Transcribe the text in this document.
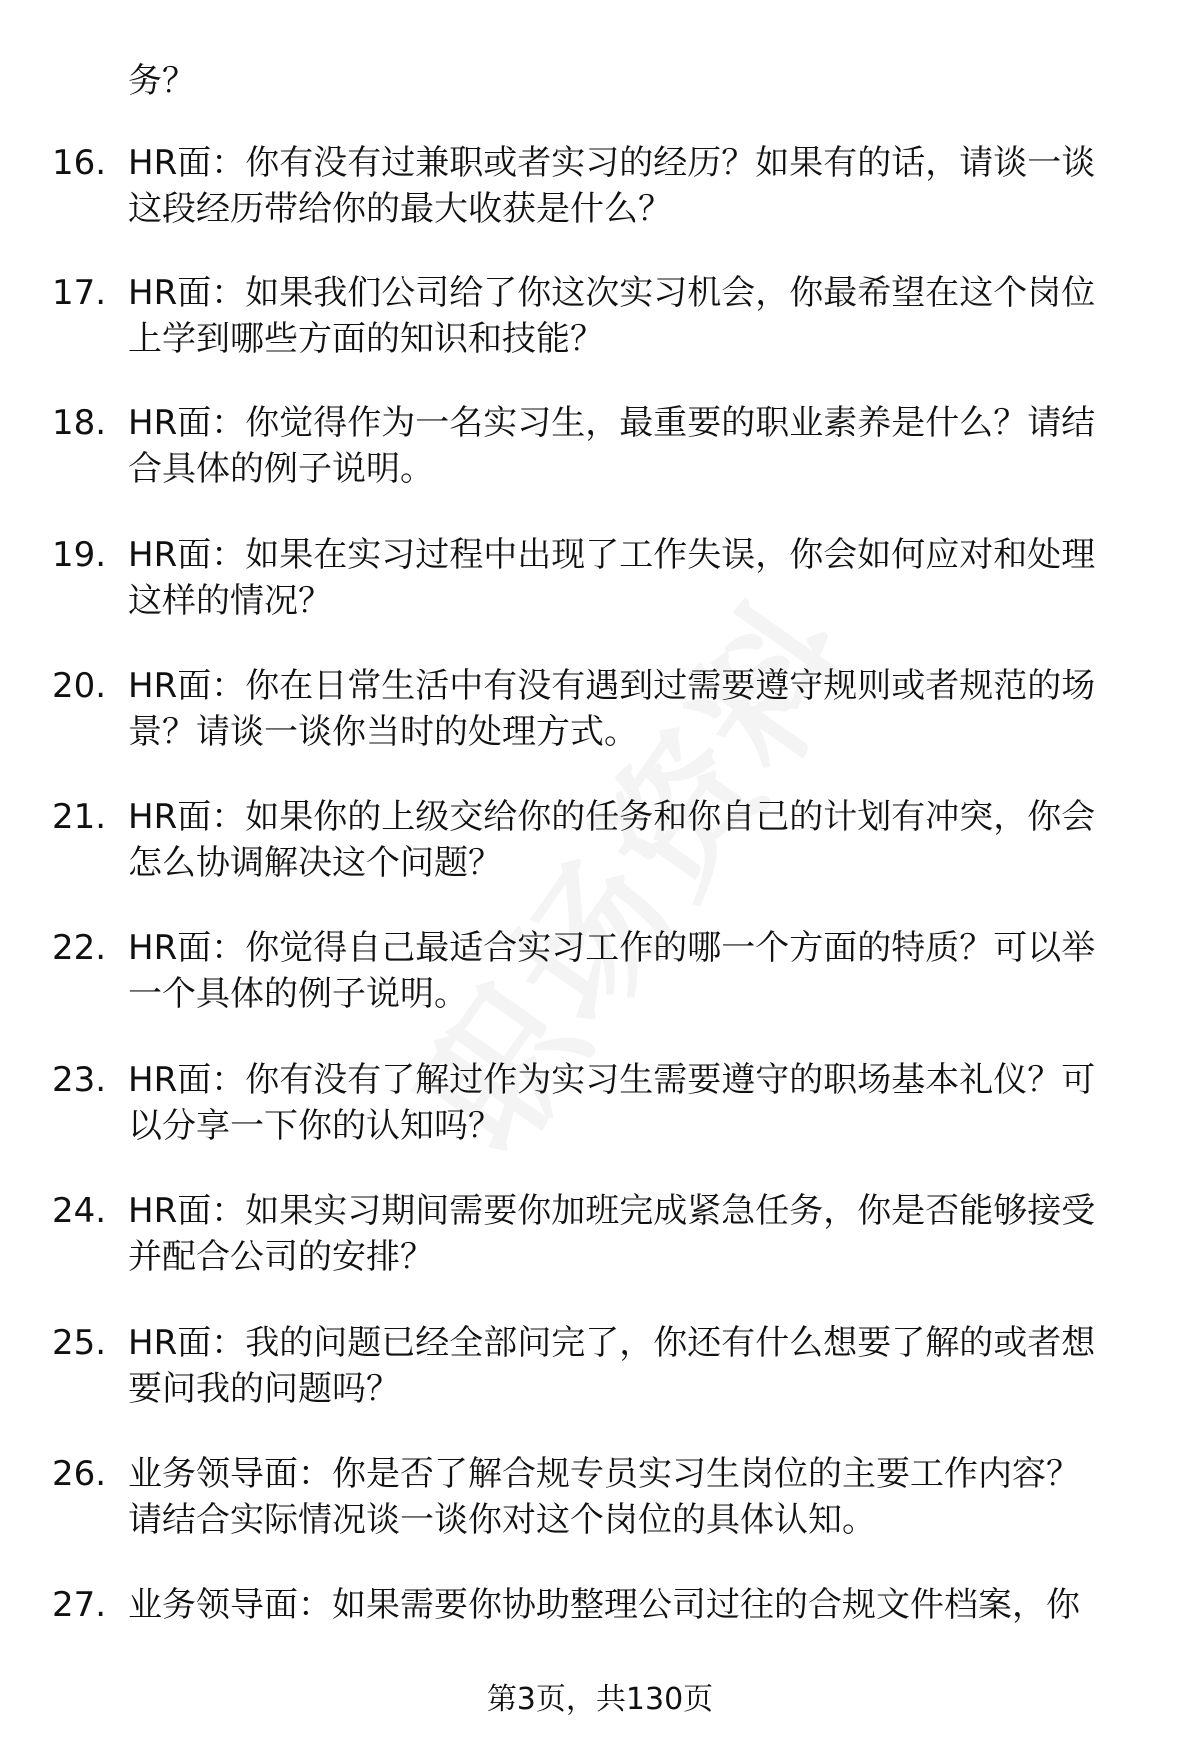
务？
16. HR面：你有没有过兼职或者实习的经历？如果有的话，请谈一谈
这段经历带给你的最大收获是什么？
17. HR面：如果我们公司给了你这次实习机会，你最希望在这个岗位
上学到哪些方面的知识和技能？
18. HR面：你觉得作为一名实习生，最重要的职业素养是什么？请结
合具体的例子说明。
19. HR面：如果在实习过程中出现了工作失误，你会如何应对和处理
这样的情况？
20. HR面：你在日常生活中有没有遇到过需要遵守规则或者规范的场
景？请谈一谈你当时的处理方式。
21. HR面：如果你的上级交给你的任务和你自己的计划有冲突，你会
怎么协调解决这个问题？
22. HR面：你觉得自己最适合实习工作的哪一个方面的特质？可以举
一个具体的例子说明。
23. HR面：你有没有了解过作为实习生需要遵守的职场基本礼仪？可
以分享一下你的认知吗？
24. HR面：如果实习期间需要你加班完成紧急任务，你是否能够接受
并配合公司的安排？
25. HR面：我的问题已经全部问完了，你还有什么想要了解的或者想
要问我的问题吗？
26. 业务领导面：你是否了解合规专员实习生岗位的主要工作内容？
请结合实际情况谈一谈你对这个岗位的具体认知。
27. 业务领导面：如果需要你协助整理公司过往的合规文件档案，你
第3页，共130页
